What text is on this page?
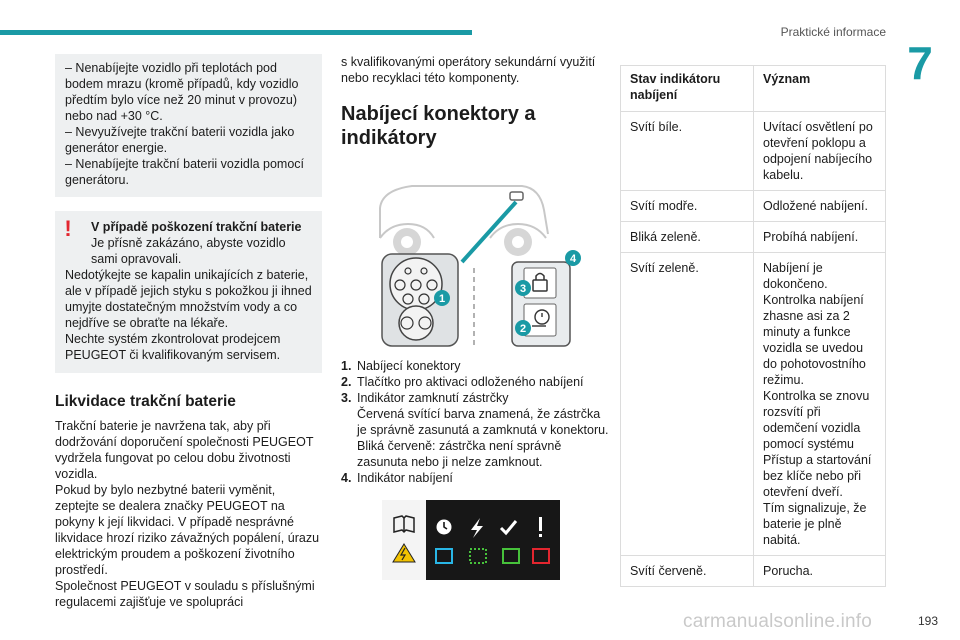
Praktické informace
7

– Nenabíjejte vozidlo při teplotách pod bodem mrazu (kromě případů, kdy vozidlo předtím bylo více než 20 minut v provozu) nebo nad +30 °C.

– Nevyužívejte trakční baterii vozidla jako generátor energie.

– Nenabíjejte trakční baterii vozidla pomocí generátoru.

!	V případě poškození trakční baterie
Je přísně zakázáno, abyste vozidlo sami opravovali.
Nedotýkejte se kapalin unikajících z baterie, ale v případě jejich styku s pokožkou ji ihned umyjte dostatečným množstvím vody a co nejdříve se obraťte na lékaře.
Nechte systém zkontrolovat prodejcem PEUGEOT či kvalifikovaným servisem.
Likvidace trakční baterie
Trakční baterie je navržena tak, aby při dodržování doporučení společnosti PEUGEOT vydržela fungovat po celou dobu životnosti vozidla.
Pokud by bylo nezbytné baterii vyměnit, zeptejte se dealera značky PEUGEOT na pokyny k její likvidaci. V případě nesprávné likvidace hrozí riziko závažných popálení, úrazu elektrickým proudem a poškození životního prostředí.
Společnost PEUGEOT v souladu s příslušnými regulacemi zajišťuje ve spolupráci
s kvalifikovanými operátory sekundární využití nebo recyklaci této komponenty.
Nabíjecí konektory a indikátory
1
2
3
4
1. Nabíjecí konektory
2. Tlačítko pro aktivaci odloženého nabíjení
3. Indikátor zamknutí zástrčky
Červená svítící barva znamená, že zástrčka je správně zasunutá a zamknutá v konektoru. Bliká červeně: zástrčka není správně zasunuta nebo ji nelze zamknout.
4. Indikátor nabíjení
Stav indikátoru nabíjení	Význam
Svítí bíle.	Uvítací osvětlení po otevření poklopu a odpojení nabíjecího kabelu.
Svítí modře.	Odložené nabíjení.
Bliká zeleně.	Probíhá nabíjení.
Svítí zeleně.	Nabíjení je dokončeno.
Kontrolka nabíjení zhasne asi za 2 minuty a funkce vozidla se uvedou do pohotovostního režimu.
Kontrolka se znovu rozsvítí při odemčení vozidla pomocí systému Přístup a startování bez klíče nebo při otevření dveří.
Tím signalizuje, že baterie je plně nabitá.
Svítí červeně.	Porucha.
carmanualsonline.info	193
